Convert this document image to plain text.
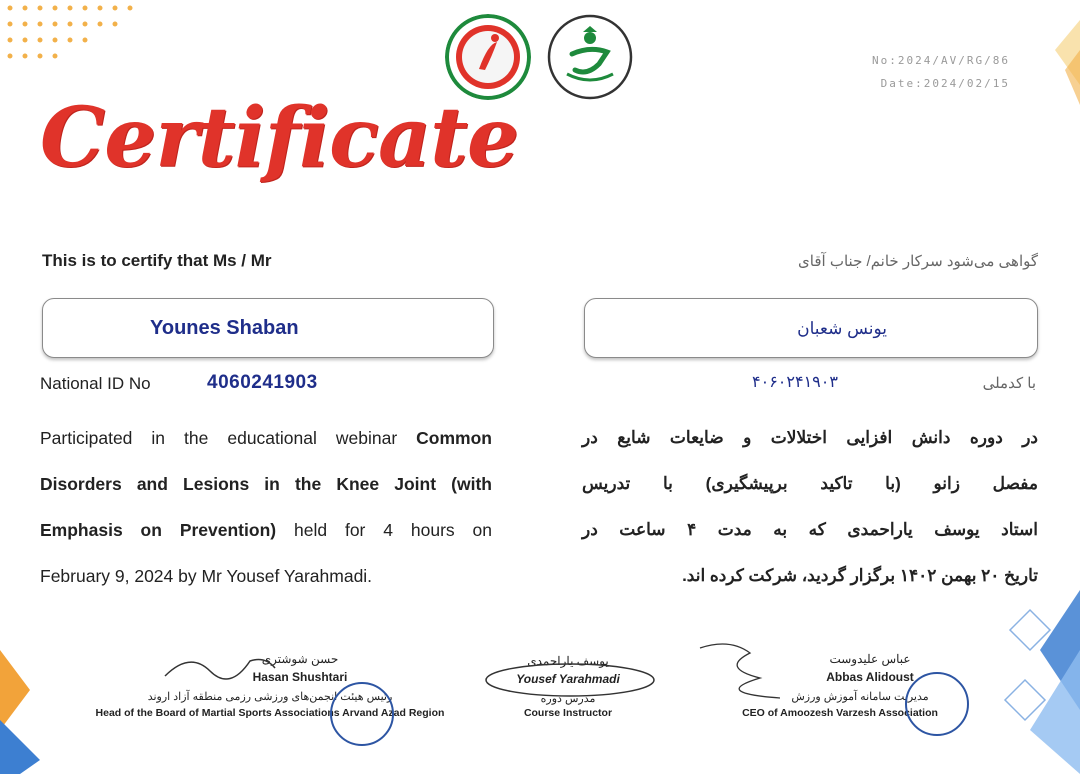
No:2024/AV/RG/86
Date:2024/02/15
Certificate
This is to certify that Ms / Mr	گواهی می‌شود سرکار خانم/ جناب آقای
Younes Shaban	یونس شعبان
National ID No	4060241903	با کدملی
۴۰۶۰۲۴۱۹۰۳
Participated in the educational webinar Common
Disorders and Lesions in the Knee Joint (with
Emphasis on Prevention) held for 4 hours on
February 9, 2024 by Mr Yousef Yarahmadi.
در دوره دانش افزایی اختلالات و ضایعات شایع در
مفصل زانو (با تاکید برپیشگیری) با تدریس
استاد یوسف یاراحمدی که به مدت ۴ ساعت در
تاریخ ۲۰ بهمن ۱۴۰۲ برگزار گردید، شرکت کرده اند.
حسن شوشتری
Hasan Shushtari
رئیس هیئت انجمن‌های ورزشی رزمی منطقه آزاد اروند
Head of the Board of Martial Sports Associations Arvand Azad Region
یوسف یاراحمدی
Yousef Yarahmadi
مدرس دوره
Course Instructor
عباس علیدوست
Abbas Alidoust
مدیریت سامانه آموزش ورزش
CEO of Amoozesh Varzesh Association
